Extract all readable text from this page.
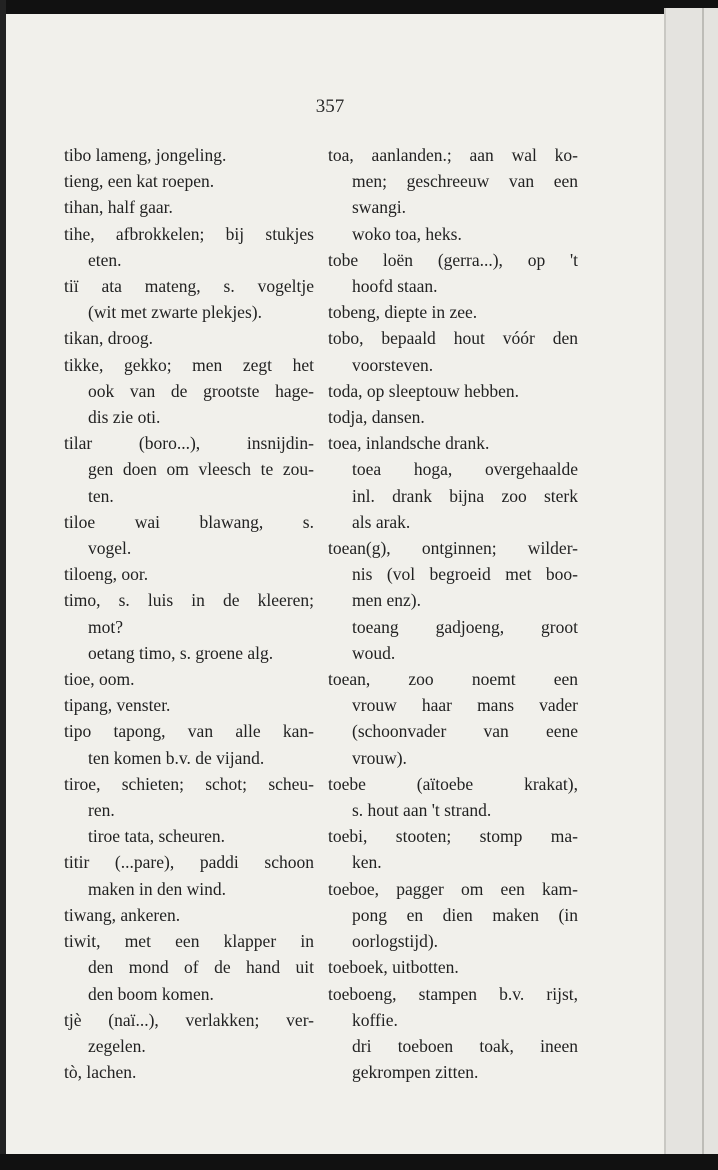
357
tibo lameng, jongeling.
tieng, een kat roepen.
tihan, half gaar.
tihe, afbrokkelen; bij stukjes
eten.
tiï ata mateng, s. vogeltje
(wit met zwarte plekjes).
tikan, droog.
tikke, gekko; men zegt het
ook van de grootste hage-
dis zie oti.
tilar (boro...), insnijdin-
gen doen om vleesch te zou-
ten.
tiloe wai blawang, s.
vogel.
tiloeng, oor.
timo, s. luis in de kleeren;
mot?
oetang timo, s. groene alg.
tioe, oom.
tipang, venster.
tipo tapong, van alle kan-
ten komen b.v. de vijand.
tiroe, schieten; schot; scheu-
ren.
tiroe tata, scheuren.
titir (...pare), paddi schoon
maken in den wind.
tiwang, ankeren.
tiwit, met een klapper in
den mond of de hand uit
den boom komen.
tjè (naï...), verlakken; ver-
zegelen.
tò, lachen.
toa, aanlanden.; aan wal ko-
men; geschreeuw van een
swangi.
woko toa, heks.
tobe loën (gerra...), op 't
hoofd staan.
tobeng, diepte in zee.
tobo, bepaald hout vóór den
voorsteven.
toda, op sleeptouw hebben.
todja, dansen.
toea, inlandsche drank.
toea hoga, overgehaalde
inl. drank bijna zoo sterk
als arak.
toean(g), ontginnen; wilder-
nis (vol begroeid met boo-
men enz).
toeang gadjoeng, groot
woud.
toean, zoo noemt een
vrouw haar mans vader
(schoonvader van eene
vrouw).
toebe (aïtoebe krakat),
s. hout aan 't strand.
toebi, stooten; stomp ma-
ken.
toeboe, pagger om een kam-
pong en dien maken (in
oorlogstijd).
toeboek, uitbotten.
toeboeng, stampen b.v. rijst,
koffie.
dri toeboen toak, ineen
gekrompen zitten.
